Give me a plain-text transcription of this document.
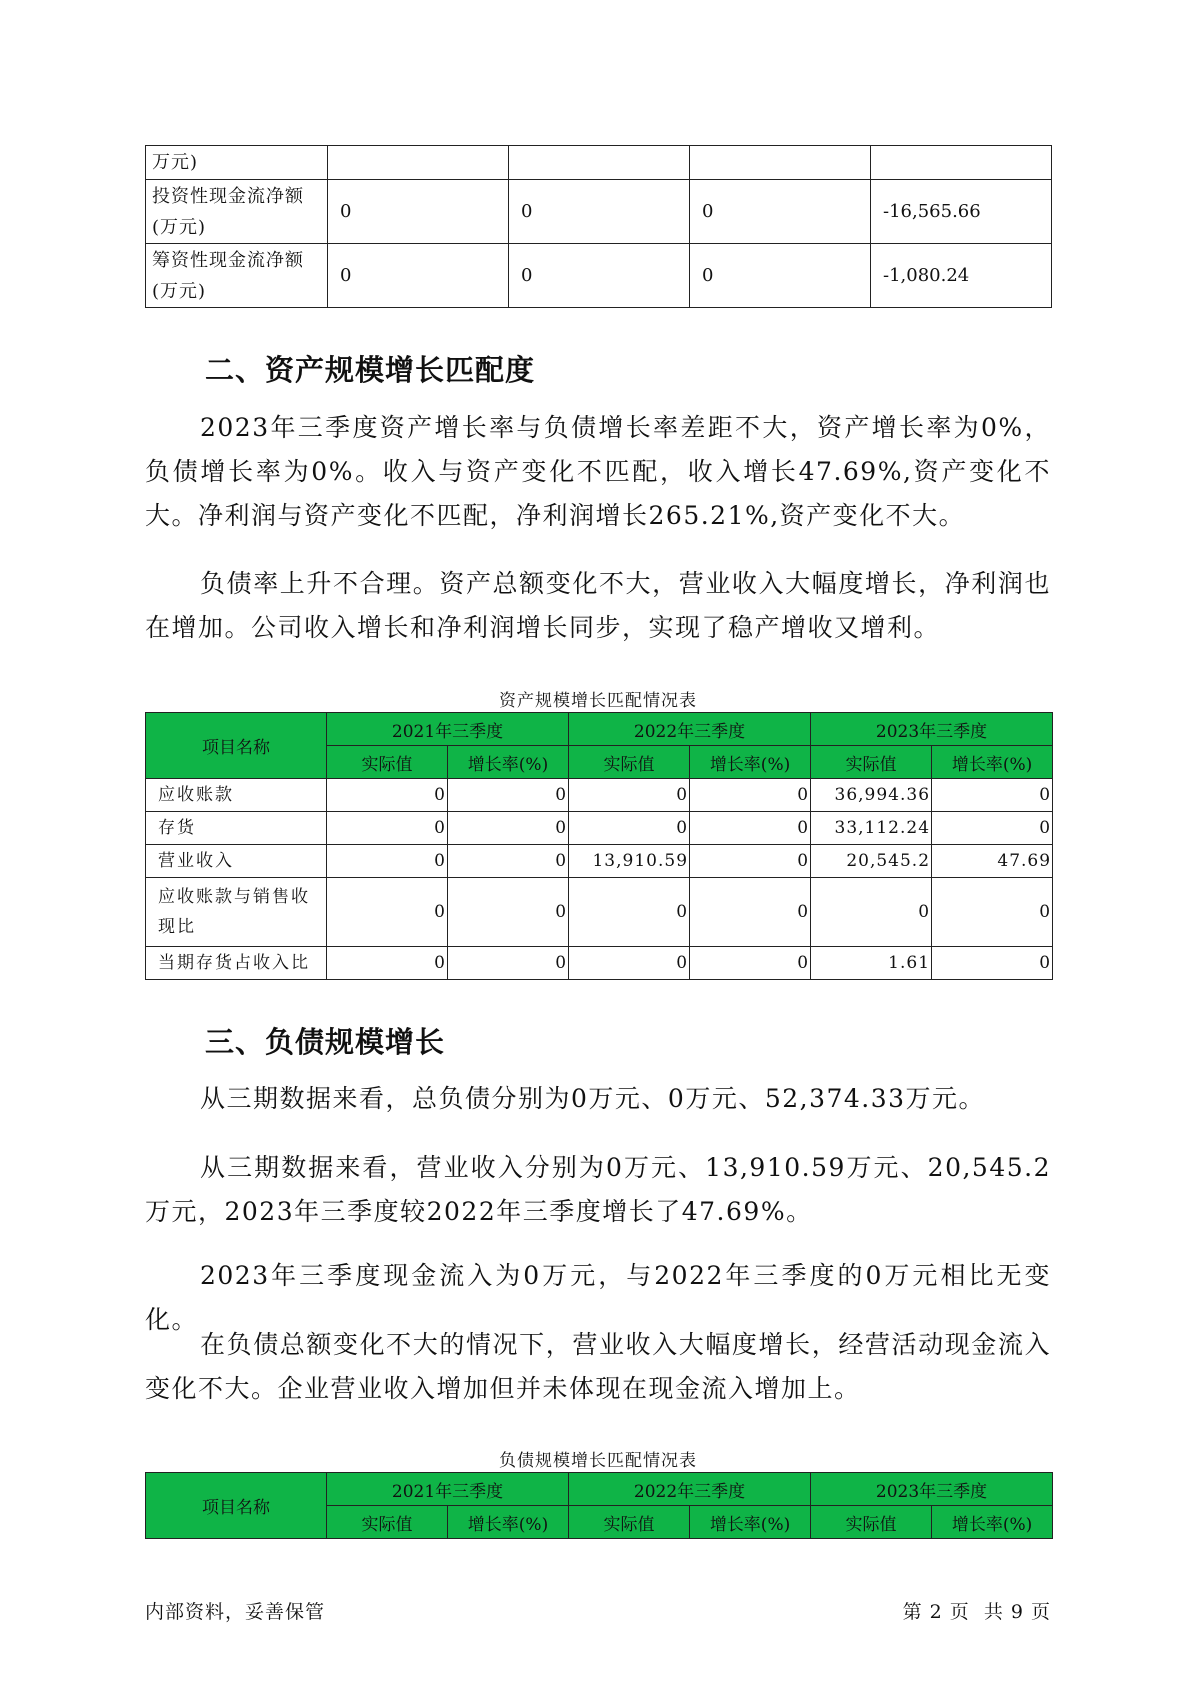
万元)				
投资性现金流净额(万元)	0	0	0	-16,565.66
筹资性现金流净额(万元)	0	0	0	-1,080.24
二、资产规模增长匹配度

2023年三季度资产增长率与负债增长率差距不大，资产增长率为0%，负债增长率为0%。收入与资产变化不匹配，收入增长47.69%,资产变化不大。净利润与资产变化不匹配，净利润增长265.21%,资产变化不大。

负债率上升不合理。资产总额变化不大，营业收入大幅度增长，净利润也在增加。公司收入增长和净利润增长同步，实现了稳产增收又增利。

资产规模增长匹配情况表
项目名称	2021年三季度		2022年三季度		2023年三季度	
	实际值	增长率(%)	实际值	增长率(%)	实际值	增长率(%)
应收账款	0	0	0	0	36,994.36	0
存货	0	0	0	0	33,112.24	0
营业收入	0	0	13,910.59	0	20,545.2	47.69
应收账款与销售收现比	0	0	0	0	0	0
当期存货占收入比	0	0	0	0	1.61	0
三、负债规模增长

从三期数据来看，总负债分别为0万元、0万元、52,374.33万元。

从三期数据来看，营业收入分别为0万元、13,910.59万元、20,545.2万元，2023年三季度较2022年三季度增长了47.69%。

2023年三季度现金流入为0万元，与2022年三季度的0万元相比无变化。

在负债总额变化不大的情况下，营业收入大幅度增长，经营活动现金流入变化不大。企业营业收入增加但并未体现在现金流入增加上。

负债规模增长匹配情况表
项目名称	2021年三季度		2022年三季度		2023年三季度	
	实际值	增长率(%)	实际值	增长率(%)	实际值	增长率(%)
内部资料，妥善保管	第 2 页  共 9 页
